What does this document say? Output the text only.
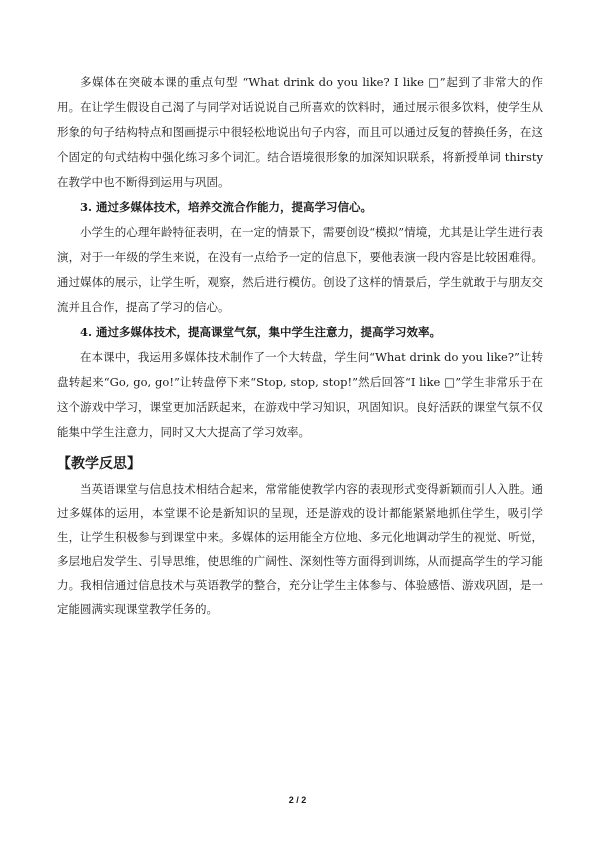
多媒体在突破本课的重点句型 “What drink do you like? I like □”起到了非常大的作用。在让学生假设自己渴了与同学对话说说自己所喜欢的饮料时，通过展示很多饮料，使学生从形象的句子结构特点和图画提示中很轻松地说出句子内容，而且可以通过反复的替换任务，在这个固定的句式结构中强化练习多个词汇。结合语境很形象的加深知识联系，将新授单词 thirsty 在教学中也不断得到运用与巩固。

3. 通过多媒体技术，培养交流合作能力，提高学习信心。

小学生的心理年龄特征表明，在一定的情景下，需要创设“模拟”情境，尤其是让学生进行表演，对于一年级的学生来说，在没有一点给予一定的信息下，要他表演一段内容是比较困难得。通过媒体的展示，让学生听，观察，然后进行模仿。创设了这样的情景后，学生就敢于与朋友交流并且合作，提高了学习的信心。

4. 通过多媒体技术，提高课堂气氛，集中学生注意力，提高学习效率。

在本课中，我运用多媒体技术制作了一个大转盘，学生问“What drink do you like?”让转盘转起来“Go, go, go!”让转盘停下来“Stop, stop, stop!”然后回答“I like □”学生非常乐于在这个游戏中学习，课堂更加活跃起来，在游戏中学习知识，巩固知识。良好活跃的课堂气氛不仅能集中学生注意力，同时又大大提高了学习效率。

【教学反思】

当英语课堂与信息技术相结合起来，常常能使教学内容的表现形式变得新颖而引人入胜。通过多媒体的运用，本堂课不论是新知识的呈现，还是游戏的设计都能紧紧地抓住学生，吸引学生，让学生积极参与到课堂中来。多媒体的运用能全方位地、多元化地调动学生的视觉、听觉，多层地启发学生、引导思维，使思维的广阔性、深刻性等方面得到训练，从而提高学生的学习能力。我相信通过信息技术与英语教学的整合，充分让学生主体参与、体验感悟、游戏巩固，是一定能圆满实现课堂教学任务的。

2 / 2
